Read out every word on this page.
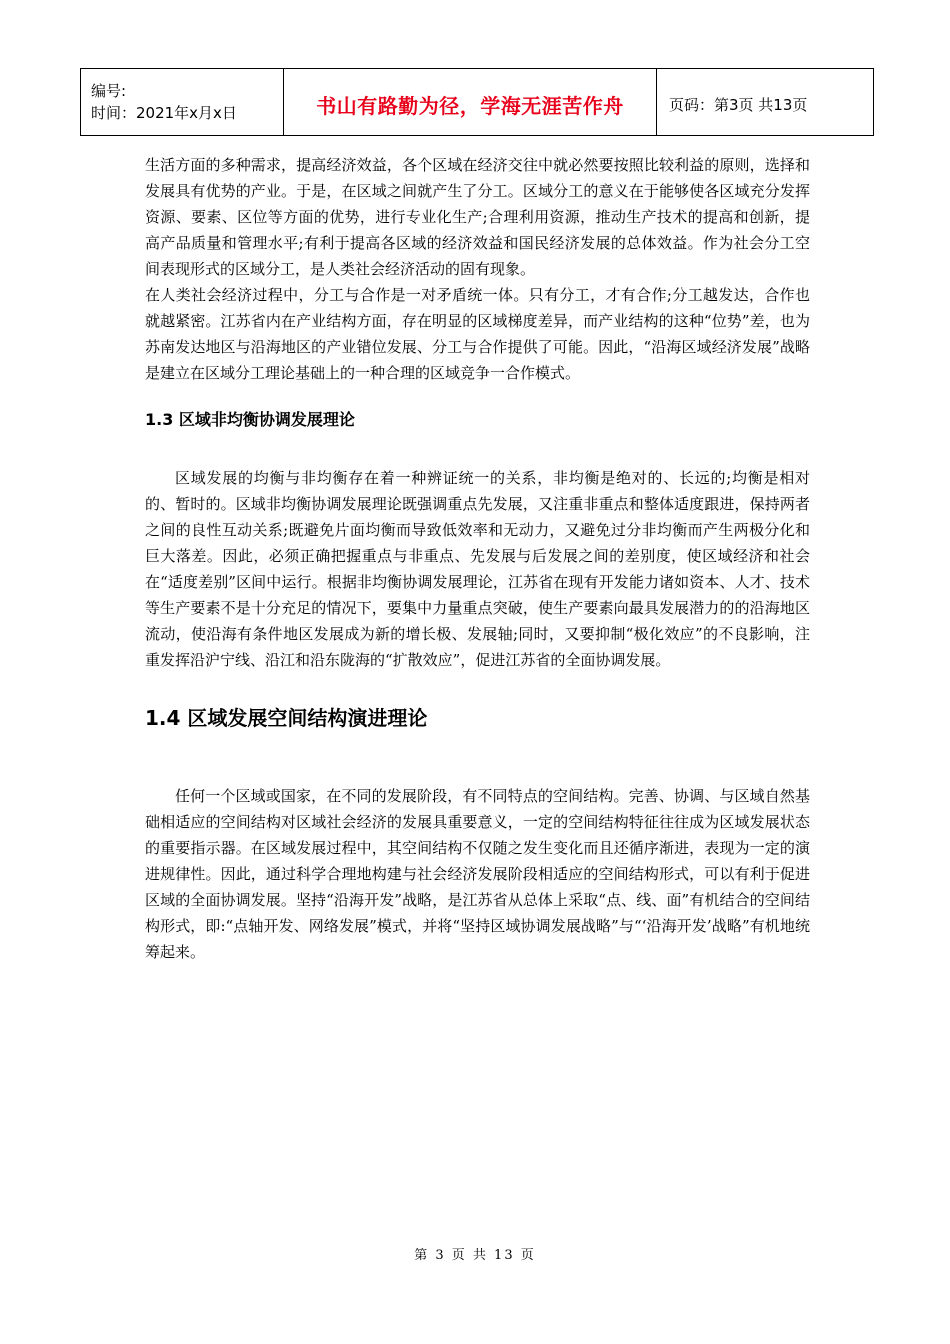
编号:
时间：2021年x月x日	书山有路勤为径，学海无涯苦作舟	页码：第3页 共13页

生活方面的多种需求，提高经济效益，各个区域在经济交往中就必然要按照比较利益的原则，选择和发展具有优势的产业。于是，在区域之间就产生了分工。区域分工的意义在于能够使各区域充分发挥资源、要素、区位等方面的优势，进行专业化生产;合理利用资源，推动生产技术的提高和创新，提高产品质量和管理水平;有利于提高各区域的经济效益和国民经济发展的总体效益。作为社会分工空间表现形式的区域分工，是人类社会经济活动的固有现象。

在人类社会经济过程中，分工与合作是一对矛盾统一体。只有分工，才有合作;分工越发达，合作也就越紧密。江苏省内在产业结构方面，存在明显的区域梯度差异，而产业结构的这种“位势”差，也为苏南发达地区与沿海地区的产业错位发展、分工与合作提供了可能。因此，“沿海区域经济发展”战略是建立在区域分工理论基础上的一种合理的区域竞争一合作模式。

1.3 区域非均衡协调发展理论

区域发展的均衡与非均衡存在着一种辨证统一的关系，非均衡是绝对的、长远的;均衡是相对的、暂时的。区域非均衡协调发展理论既强调重点先发展，又注重非重点和整体适度跟进，保持两者之间的良性互动关系;既避免片面均衡而导致低效率和无动力，又避免过分非均衡而产生两极分化和巨大落差。因此，必须正确把握重点与非重点、先发展与后发展之间的差别度，使区域经济和社会在“适度差别”区间中运行。根据非均衡协调发展理论，江苏省在现有开发能力诸如资本、人才、技术等生产要素不是十分充足的情况下，要集中力量重点突破，使生产要素向最具发展潜力的的沿海地区流动，使沿海有条件地区发展成为新的增长极、发展轴;同时，又要抑制“极化效应”的不良影响，注重发挥沿沪宁线、沿江和沿东陇海的“扩散效应”，促进江苏省的全面协调发展。

1.4 区域发展空间结构演进理论

任何一个区域或国家，在不同的发展阶段，有不同特点的空间结构。完善、协调、与区域自然基础相适应的空间结构对区域社会经济的发展具重要意义，一定的空间结构特征往往成为区域发展状态的重要指示器。在区域发展过程中，其空间结构不仅随之发生变化而且还循序渐进，表现为一定的演进规律性。因此，通过科学合理地构建与社会经济发展阶段相适应的空间结构形式，可以有利于促进区域的全面协调发展。坚持“沿海开发”战略，是江苏省从总体上采取“点、线、面”有机结合的空间结构形式，即:“点轴开发、网络发展”模式，并将“坚持区域协调发展战略”与“‘沿海开发’战略”有机地统筹起来。

第 3 页 共 13 页
